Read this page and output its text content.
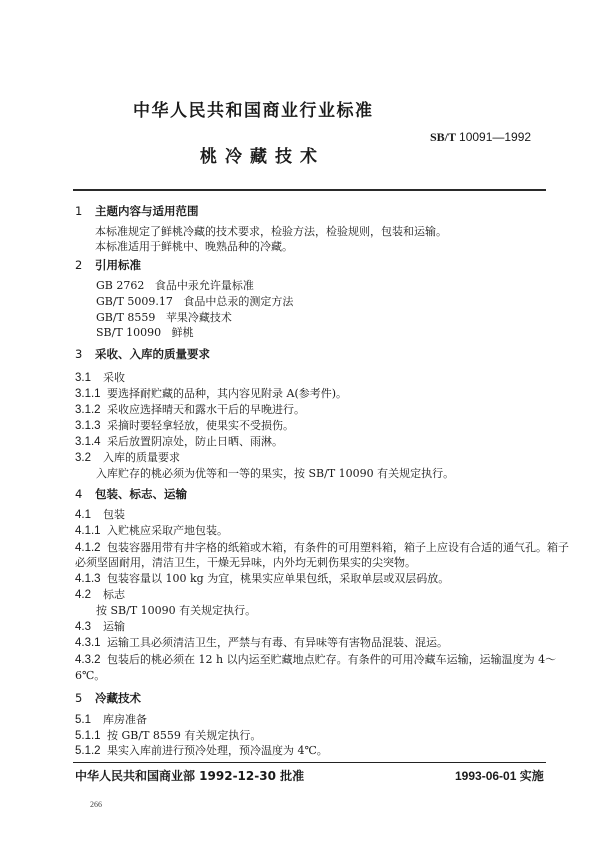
中华人民共和国商业行业标准
SB/T 10091—1992
桃冷藏技术
1 主题内容与适用范围
本标准规定了鲜桃冷藏的技术要求，检验方法，检验规则，包装和运输。
本标准适用于鲜桃中、晚熟品种的冷藏。
2 引用标准
GB 2762 食品中汞允许量标准
GB/T 5009.17 食品中总汞的测定方法
GB/T 8559 苹果冷藏技术
SB/T 10090 鲜桃
3 采收、入库的质量要求
3.1 采收
3.1.1 要选择耐贮藏的品种，其内容见附录 A(参考件)。
3.1.2 采收应选择晴天和露水干后的早晚进行。
3.1.3 采摘时要轻拿轻放，使果实不受损伤。
3.1.4 采后放置阴凉处，防止日晒、雨淋。
3.2 入库的质量要求
入库贮存的桃必须为优等和一等的果实，按 SB/T 10090 有关规定执行。
4 包装、标志、运输
4.1 包装
4.1.1 入贮桃应采取产地包装。
4.1.2 包装容器用带有井字格的纸箱或木箱，有条件的可用塑料箱，箱子上应设有合适的通气孔。箱子
必须坚固耐用，清洁卫生，干燥无异味，内外均无刺伤果实的尖突物。
4.1.3 包装容量以 100 kg 为宜，桃果实应单果包纸，采取单层或双层码放。
4.2 标志
按 SB/T 10090 有关规定执行。
4.3 运输
4.3.1 运输工具必须清洁卫生，严禁与有毒、有异味等有害物品混装、混运。
4.3.2 包装后的桃必须在 12 h 以内运至贮藏地点贮存。有条件的可用冷藏车运输，运输温度为 4～
6℃。
5 冷藏技术
5.1 库房准备
5.1.1 按 GB/T 8559 有关规定执行。
5.1.2 果实入库前进行预冷处理，预冷温度为 4℃。
中华人民共和国商业部 1992-12-30 批准	1993-06-01 实施
266
